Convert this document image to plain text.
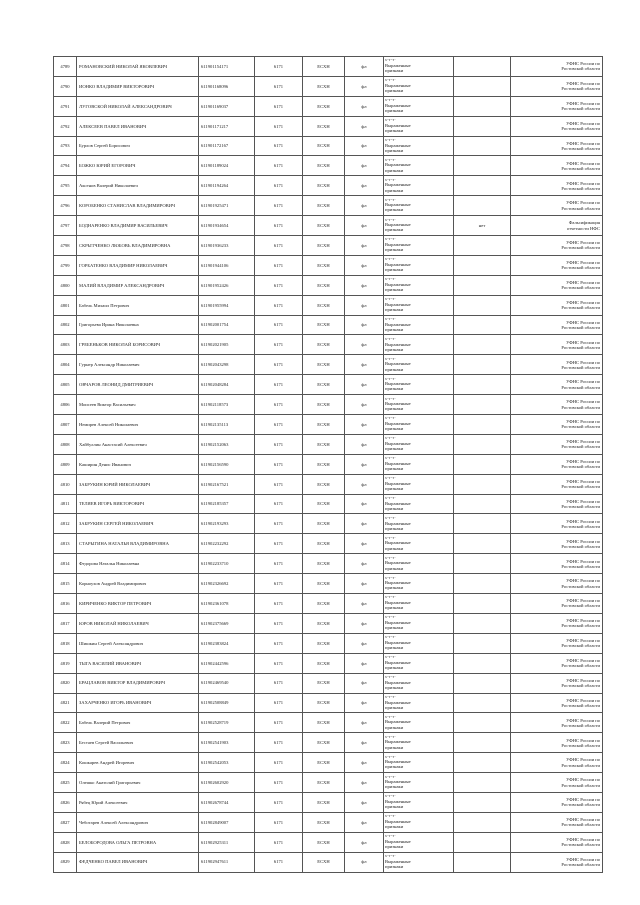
4789	РОМАНОВСКИЙ НИКОЛАЙ ЯКОВЛЕВИЧ	611901154171	6171	ЕСХН	фл	х-т-т-
Выраженные
признаки		УФНС России по
Ростовской области

4790	ИОНКО ВЛАДИМИР ВИКТОРОВИЧ	611901168096	6171	ЕСХН	фл	х-т-т-
Выраженные
признаки		УФНС России по
Ростовской области

4791	ЛУГОВСКОЙ НИКОЛАЙ АЛЕКСАНДРОВИЧ	611901169037	6171	ЕСХН	фл	х-т-т-
Выраженные
признаки		УФНС России по
Ростовской области

4792	АЛЕКСЕЕВ ПАВЕЛ ИВАНОВИЧ	611901171217	6171	ЕСХН	фл	х-т-т-
Выраженные
признаки		УФНС России по
Ростовской области

4793	Бурлов Сергей Борисович	611901172167	6171	ЕСХН	фл	х-т-т-
Выраженные
признаки		УФНС России по
Ростовской области

4794	БОЖКО ЮРИЙ ЕГОРОВИЧ	611901189024	6171	ЕСХН	фл	х-т-т-
Выраженные
признаки		УФНС России по
Ростовской области

4795	Аксенов Валерий Николаевич	611901194264	6171	ЕСХН	фл	х-т-т-
Выраженные
признаки		УФНС России по
Ростовской области

4796	КОРОБЕНКО СТАНИСЛАВ ВЛАДИМИРОВИЧ	611901925471	6171	ЕСХН	фл	х-т-т-
Выраженные
признаки		УФНС России по
Ростовской области

4797	БОДНАРЕНКО ВЛАДИМИР ВАСИЛЬЕВИЧ	611901934654	6171	ЕСХН	фл	х-т-т-
Выраженные
признаки	нет	Фальсификация
отчетности НФС

4798	СКРЫТЧЕНКО ЛЮБОВЬ ВЛАДИМИРОВНА	611901936233	6171	ЕСХН	фл	х-т-т-
Выраженные
признаки		УФНС России по
Ростовской области

4799	ГОРБАТЕНКО ВЛАДИМИР НИКОЛАЕВИЧ	611901944106	6171	ЕСХН	фл	х-т-т-
Выраженные
признаки		УФНС России по
Ростовской области

4800	МАЛИЙ ВЛАДИМИР АЛЕКСАНДРОВИЧ	611901952426	6171	ЕСХН	фл	х-т-т-
Выраженные
признаки		УФНС России по
Ростовской области

4801	Бабель Михаил Петрович	611901955994	6171	ЕСХН	фл	х-т-т-
Выраженные
признаки		УФНС России по
Ростовской области

4802	Григорьева Ирина Николаевна	611902001754	6171	ЕСХН	фл	х-т-т-
Выраженные
признаки		УФНС России по
Ростовской области

4803	ГРЕБЕНЬКОВ НИКОЛАЙ БОРИСОВИЧ	611902021905	6171	ЕСХН	фл	х-т-т-
Выраженные
признаки		УФНС России по
Ростовской области

4804	Гурнер Александр Николаевич	611902043298	6171	ЕСХН	фл	х-т-т-
Выраженные
признаки		УФНС России по
Ростовской области

4805	ОВЧАРОВ ЛЕОНИД ДМИТРИЕВИЧ	611902048284	6171	ЕСХН	фл	х-т-т-
Выраженные
признаки		УФНС России по
Ростовской области

4806	Моисеев Виктор Васильевич	611902118573	6171	ЕСХН	фл	х-т-т-
Выраженные
признаки		УФНС России по
Ростовской области

4807	Немирев Алексей Николаевич	611902135113	6171	ЕСХН	фл	х-т-т-
Выраженные
признаки		УФНС России по
Ростовской области

4808	Хайбуллин Анастасий Алексеевич	611902152063	6171	ЕСХН	фл	х-т-т-
Выраженные
признаки		УФНС России по
Ростовской области

4809	Каширин Денис Иванович	611902156590	6171	ЕСХН	фл	х-т-т-
Выраженные
признаки		УФНС России по
Ростовской области

4810	ЗАБРУКИН ЮРИЙ НИКОЛАЕВИЧ	611902167521	6171	ЕСХН	фл	х-т-т-
Выраженные
признаки		УФНС России по
Ростовской области

4811	ТЕЛЯЕВ ИГОРЬ ВИКТОРОВИЧ	611902185357	6171	ЕСХН	фл	х-т-т-
Выраженные
признаки		УФНС России по
Ростовской области

4812	ЗАБРУКИН СЕРГЕЙ НИКОЛАЕВИЧ	611902193293	6171	ЕСХН	фл	х-т-т-
Выраженные
признаки		УФНС России по
Ростовской области

4813	СТАРЫГИНА НАТАЛЬЯ ВЛАДИМИРОВНА	611902232292	6171	ЕСХН	фл	х-т-т-
Выраженные
признаки		УФНС России по
Ростовской области

4814	Федорова Наталья Николаевна	611902233710	6171	ЕСХН	фл	х-т-т-
Выраженные
признаки		УФНС России по
Ростовской области

4815	Корноухов Андрей Владимирович	611902326692	6171	ЕСХН	фл	х-т-т-
Выраженные
признаки		УФНС России по
Ростовской области

4816	КИРИЧЕНКО ВИКТОР ПЕТРОВИЧ	611902361078	6171	ЕСХН	фл	х-т-т-
Выраженные
признаки		УФНС России по
Ростовской области

4817	ЮРОВ НИКОЛАЙ НИКОЛАЕВИЧ	611902375669	6171	ЕСХН	фл	х-т-т-
Выраженные
признаки		УФНС России по
Ростовской области

4818	Шишкин Сергей Александрович	611902383824	6171	ЕСХН	фл	х-т-т-
Выраженные
признаки		УФНС России по
Ростовской области

4819	ТЫГА ВАСИЛИЙ ИВАНОВИЧ	611902442596	6171	ЕСХН	фл	х-т-т-
Выраженные
признаки		УФНС России по
Ростовской области

4820	БРАЦЛАВОВ ВИКТОР ВЛАДИМИРОВИЧ	611902469540	6171	ЕСХН	фл	х-т-т-
Выраженные
признаки		УФНС России по
Ростовской области

4821	ЗАХАРЧЕНКО ИГОРЬ ИВАНОВИЧ	611902508849	6171	ЕСХН	фл	х-т-т-
Выраженные
признаки		УФНС России по
Ростовской области

4822	Бабель Валерий Петрович	611902528719	6171	ЕСХН	фл	х-т-т-
Выраженные
признаки		УФНС России по
Ростовской области

4823	Бестаев Сергей Васильевич	611902541903	6171	ЕСХН	фл	х-т-т-
Выраженные
признаки		УФНС России по
Ростовской области

4824	Кошкарев Андрей Игоревич	611902542053	6171	ЕСХН	фл	х-т-т-
Выраженные
признаки		УФНС России по
Ростовской области

4825	Олешко Анатолий Григорьевич	611902602920	6171	ЕСХН	фл	х-т-т-
Выраженные
признаки		УФНС России по
Ростовской области

4826	Рябец Юрий Алексеевич	611902678744	6171	ЕСХН	фл	х-т-т-
Выраженные
признаки		УФНС России по
Ростовской области

4827	Чеботарев Алексей Александрович	611902849007	6171	ЕСХН	фл	х-т-т-
Выраженные
признаки		УФНС России по
Ростовской области

4828	БЕЛОБОРОДОВА ОЛЬГА ПЕТРОВНА	611902925311	6171	ЕСХН	фл	х-т-т-
Выраженные
признаки		УФНС России по
Ростовской области

4829	ФЕДЧЕНКО ПАВЕЛ ИВАНОВИЧ	611902947611	6171	ЕСХН	фл	х-т-т-
Выраженные
признаки		УФНС России по
Ростовской области
